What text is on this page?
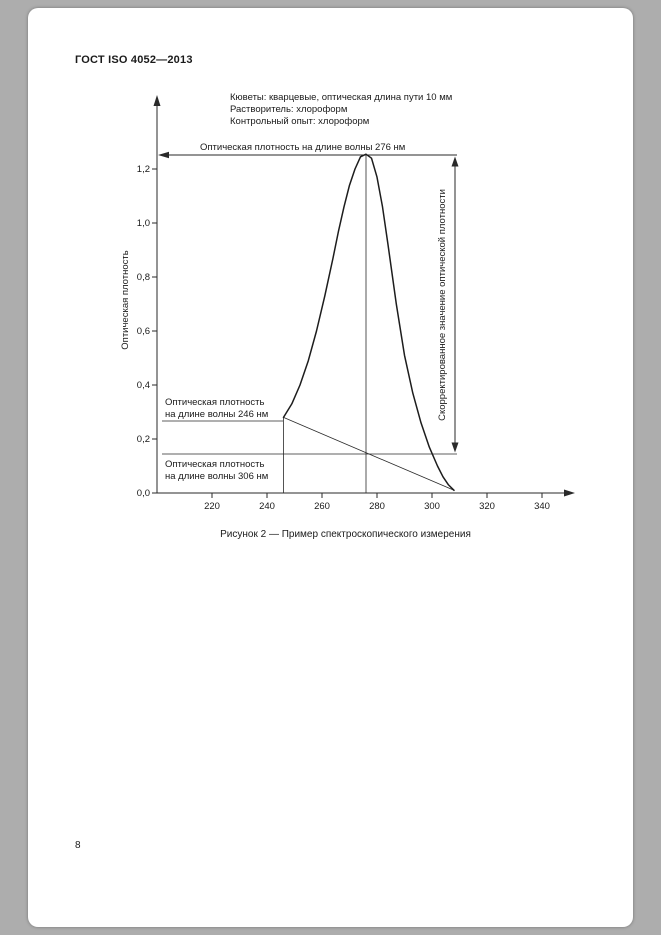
ГОСТ ISO 4052—2013
Кюветы: кварцевые, оптическая длина пути 10 мм
Растворитель: хлороформ
Контрольный опыт: хлороформ
0,0
0,2
0,4
0,6
0,8
1,0
1,2
220	240	260	280	300	320	340
Оптическая плотность
Оптическая плотность на длине волны 276 нм
Скорректированное значение оптической плотности
Оптическая плотность
на длине волны 246 нм
Оптическая плотность
на длине волны 306 нм
Рисунок 2 — Пример спектроскопического измерения
8
